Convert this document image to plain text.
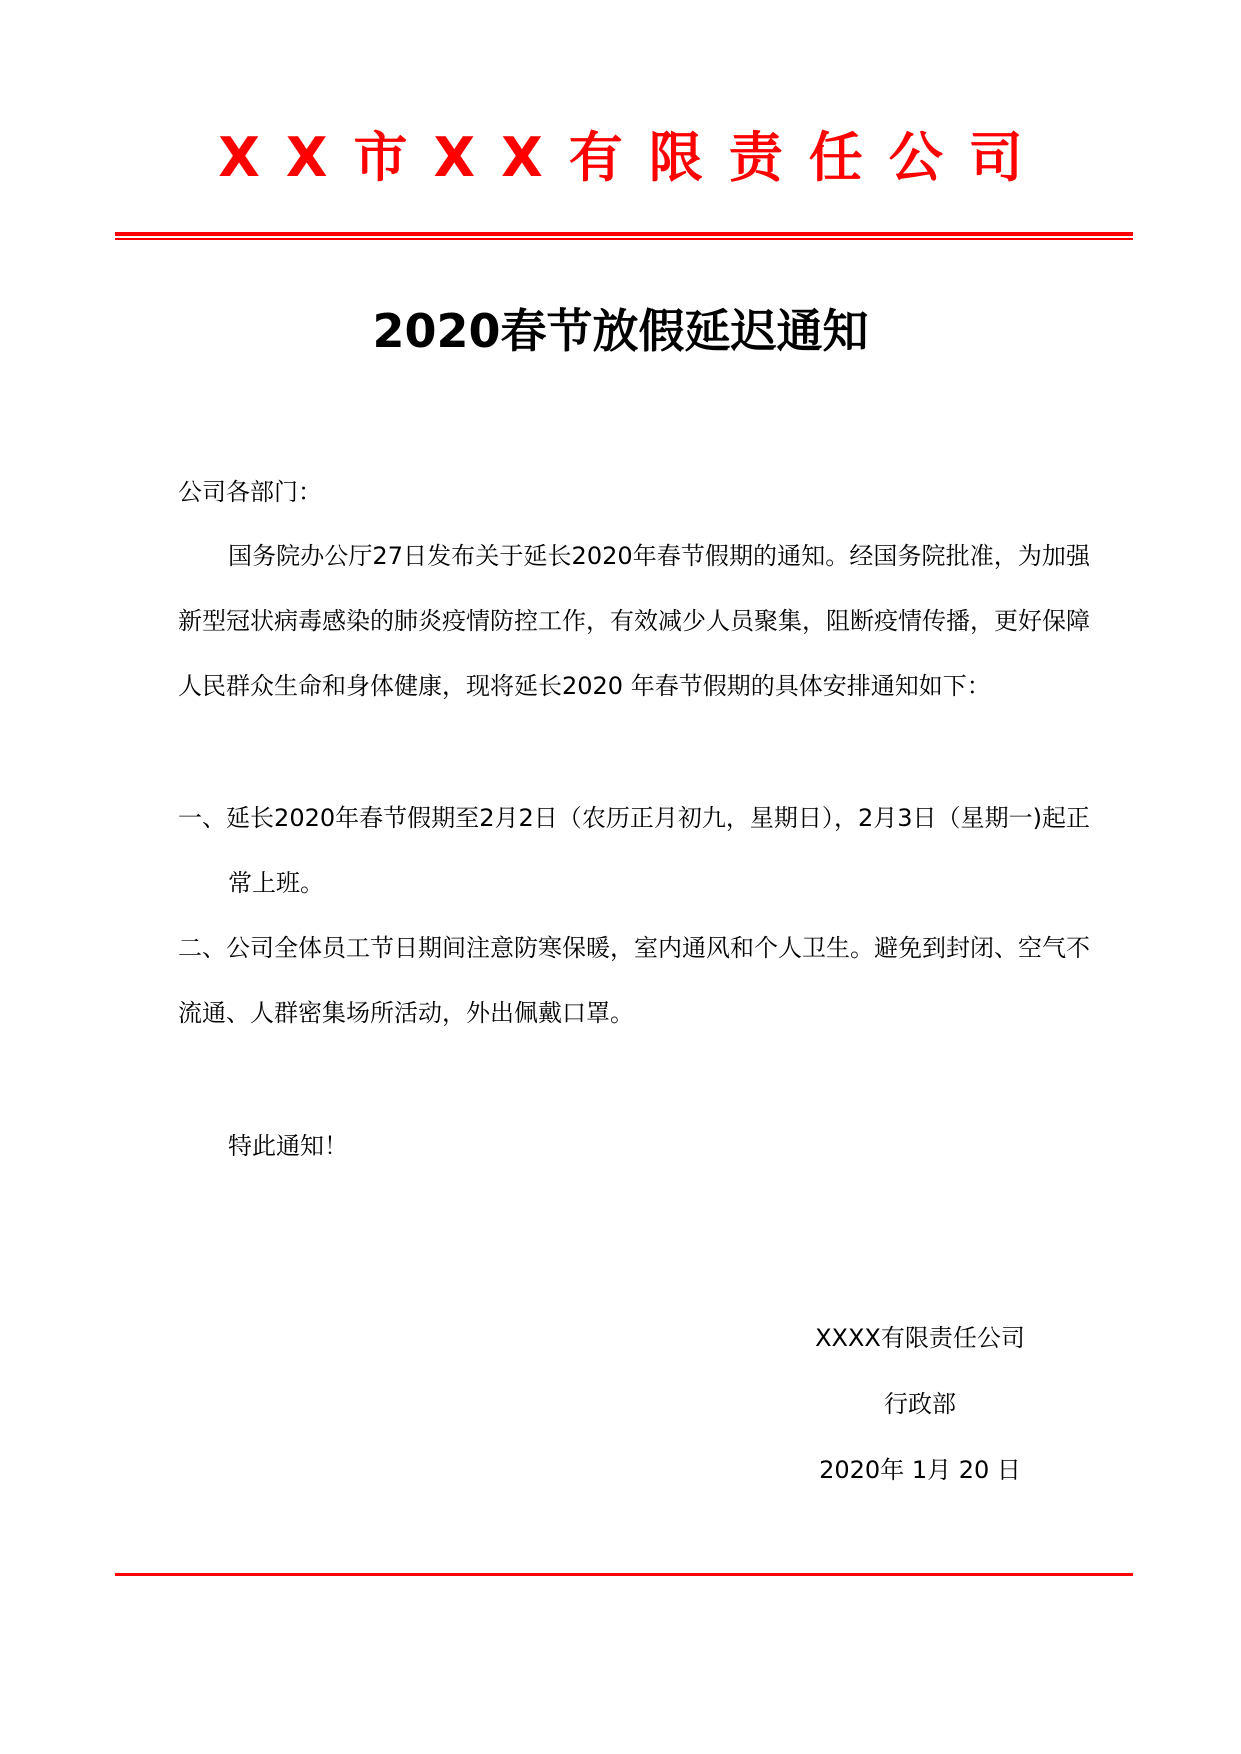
XX市XX有限责任公司
2020春节放假延迟通知
公司各部门：
国务院办公厅27日发布关于延长2020年春节假期的通知。经国务院批准，为加强新型冠状病毒感染的肺炎疫情防控工作，有效减少人员聚集，阻断疫情传播，更好保障人民群众生命和身体健康，现将延长2020 年春节假期的具体安排通知如下：
一、延长2020年春节假期至2月2日（农历正月初九，星期日），2月3日（星期一)起正常上班。
二、公司全体员工节日期间注意防寒保暖，室内通风和个人卫生。避免到封闭、空气不流通、人群密集场所活动，外出佩戴口罩。
特此通知！
XXXX有限责任公司
行政部
2020年 1月 20 日
